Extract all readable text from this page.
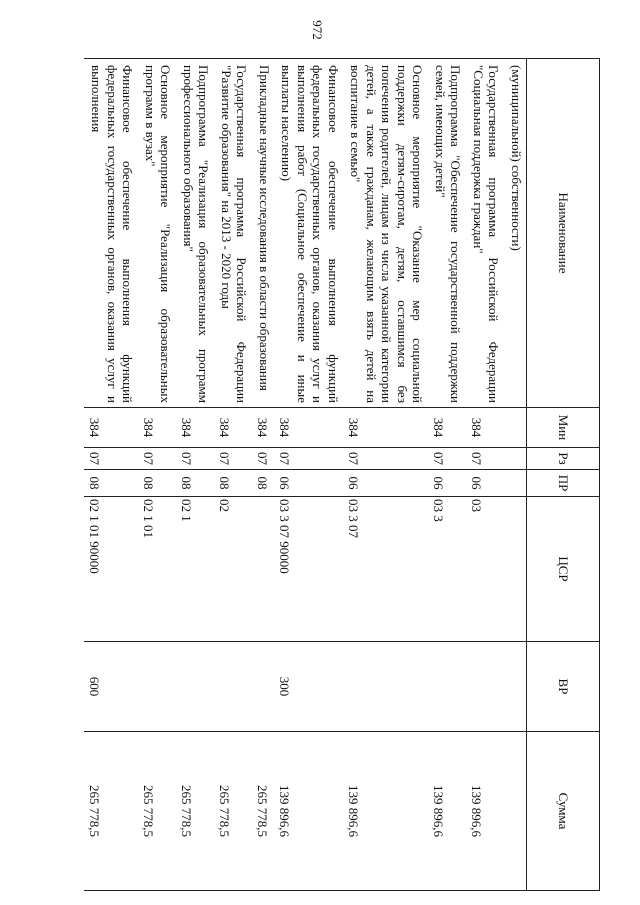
972
Наименование	Мин	Рз	ПР	ЦСР	ВР	Сумма
(муниципальной) собственности)						
Государственная программа Российской Федерации "Социальная поддержка граждан"	384	07	06	03		139 896,6
Подпрограмма "Обеспечение государственной поддержки семей, имеющих детей"	384	07	06	03 3		139 896,6
Основное мероприятие "Оказание мер социальной поддержки детям-сиротам, детям, оставшимся без попечения родителей, лицам из числа указанной категории детей, а также гражданам, желающим взять детей на воспитание в семью"	384	07	06	03 3 07		139 896,6
Финансовое обеспечение выполнения функций федеральных государственных органов, оказания услуг и выполнения работ (Социальное обеспечение и иные выплаты населению)	384	07	06	03 3 07 90000	300	139 896,6
Прикладные научные исследования в области образования	384	07	08			265 778,5
Государственная программа Российской Федерации "Развитие образования" на 2013 - 2020 годы	384	07	08	02		265 778,5
Подпрограмма "Реализация образовательных программ профессионального образования"	384	07	08	02 1		265 778,5
Основное мероприятие "Реализация образовательных программ в вузах"	384	07	08	02 1 01		265 778,5
Финансовое обеспечение выполнения функций федеральных государственных органов, оказания услуг и выполнения	384	07	08	02 1 01 90000	600	265 778,5
